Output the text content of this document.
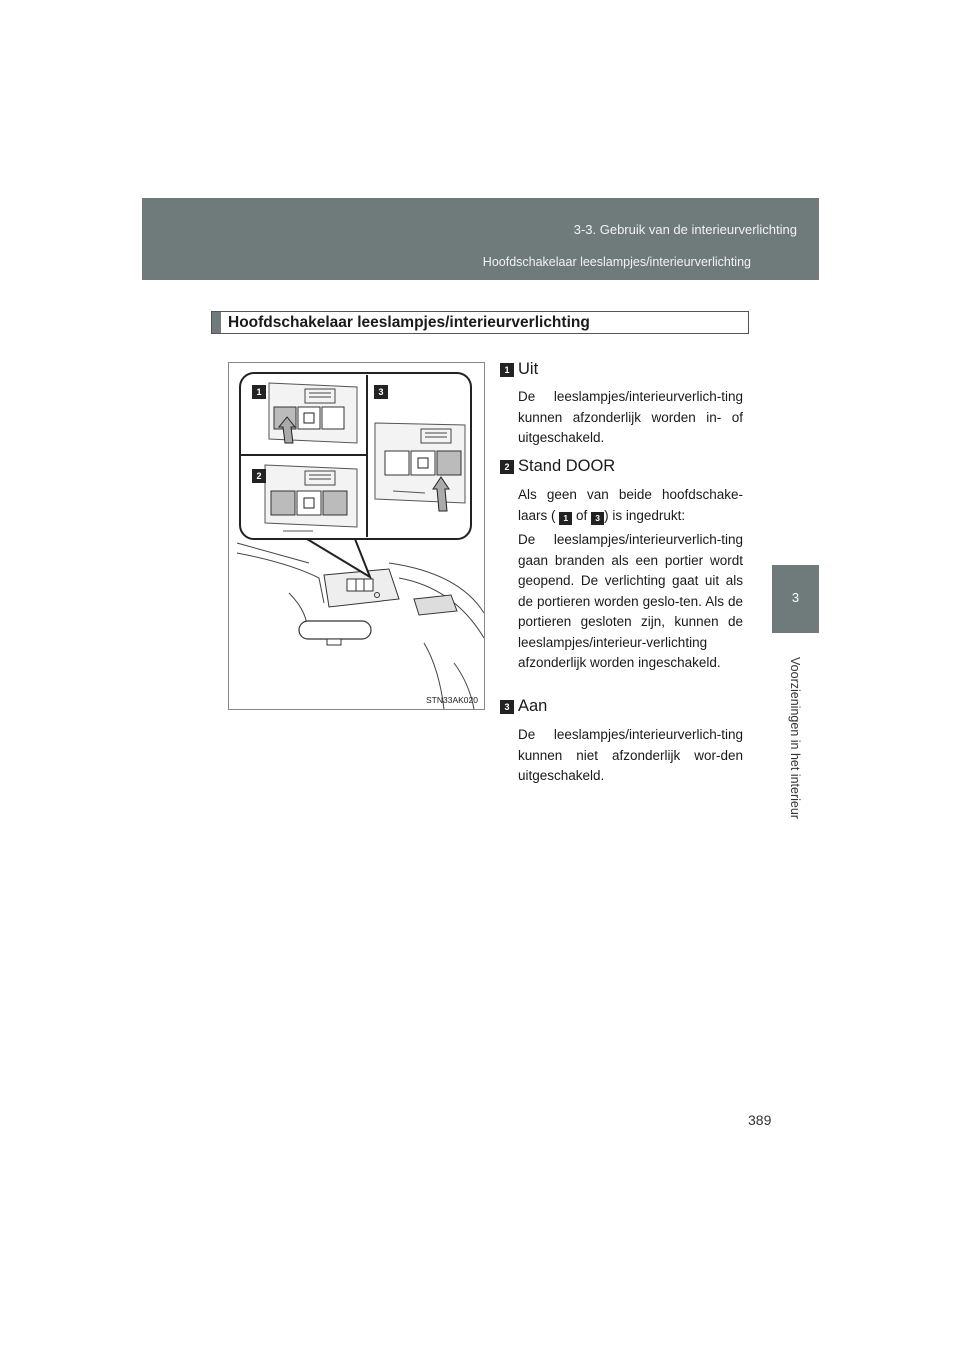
3-3. Gebruik van de interieurverlichting
Hoofdschakelaar leeslampjes/interieurverlichting
3
Voorzieningen in het interieur
Hoofdschakelaar leeslampjes/interieurverlichting
1
2
3
STN33AK020
1 Uit
De leeslampjes/interieurverlich-ting kunnen afzonderlijk worden in- of uitgeschakeld.
2 Stand DOOR
Als geen van beide hoofdschake-laars ( 1 of 3 ) is ingedrukt:
De leeslampjes/interieurverlich-ting gaan branden als een portier wordt geopend. De verlichting gaat uit als de portieren worden geslo-ten. Als de portieren gesloten zijn, kunnen de leeslampjes/interieur-verlichting afzonderlijk worden ingeschakeld.
3 Aan
De leeslampjes/interieurverlich-ting kunnen niet afzonderlijk wor-den uitgeschakeld.
389
